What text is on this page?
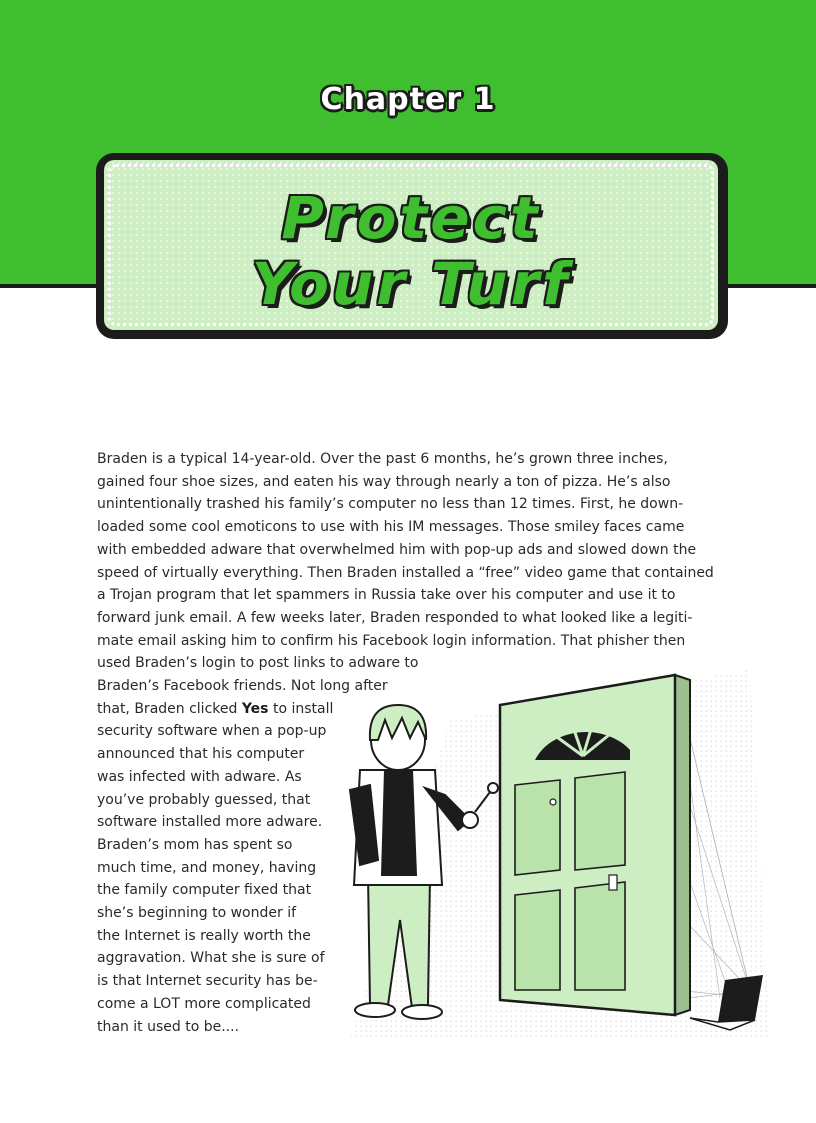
Chapter 1
Protect
Your Turf
Braden is a typical 14-year-old. Over the past 6 months, he’s grown three inches,
gained four shoe sizes, and eaten his way through nearly a ton of pizza. He’s also
unintentionally trashed his family’s computer no less than 12 times. First, he down-
loaded some cool emoticons to use with his IM messages. Those smiley faces came
with embedded adware that overwhelmed him with pop-up ads and slowed down the
speed of virtually everything. Then Braden installed a “free” video game that contained
a Trojan program that let spammers in Russia take over his computer and use it to
forward junk email. A few weeks later, Braden responded to what looked like a legiti-
mate email asking him to confirm his Facebook login information. That phisher then
used Braden’s login to post links to adware to
Braden’s Facebook friends. Not long after
that, Braden clicked Yes to install
security software when a pop-up
announced that his computer
was infected with adware. As
you’ve probably guessed, that
software installed more adware.
Braden’s mom has spent so
much time, and money, having
the family computer fixed that
she’s beginning to wonder if
the Internet is really worth the
aggravation. What she is sure of
is that Internet security has be-
come a LOT more complicated
than it used to be....
